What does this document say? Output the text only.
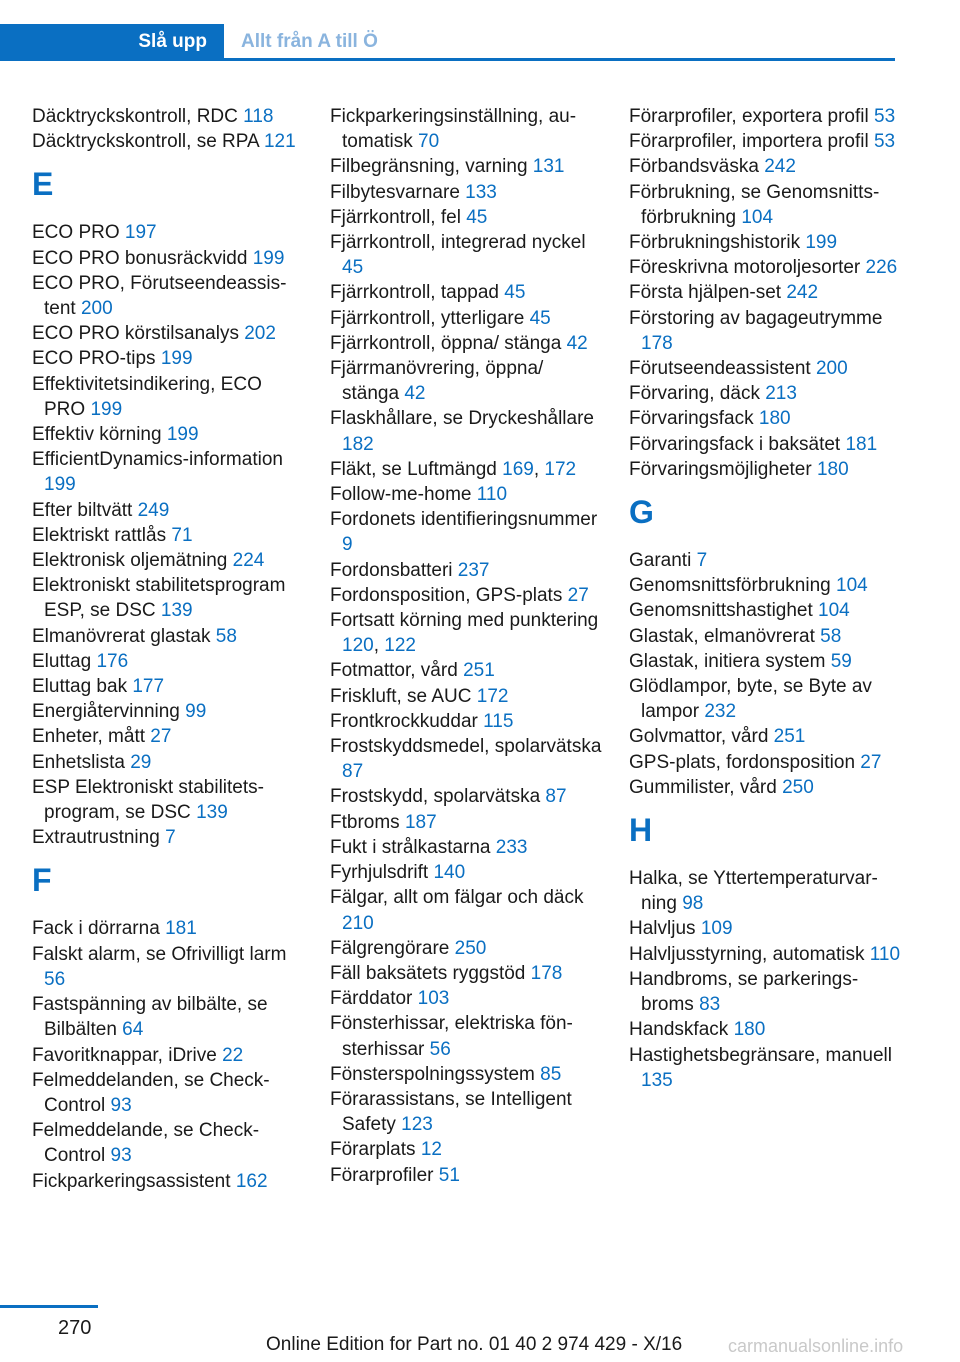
Slå upp	Allt från A till Ö
Däcktryckskontroll, RDC 118
Däcktryckskontroll, se RPA 121
E
ECO PRO 197
ECO PRO bonusräckvidd 199
ECO PRO, Förutseendeassistent 200
ECO PRO körstilsanalys 202
ECO PRO-tips 199
Effektivitetsindikering, ECO PRO 199
Effektiv körning 199
EfficientDynamics-information 199
Efter biltvätt 249
Elektriskt rattlås 71
Elektronisk oljemätning 224
Elektroniskt stabilitetsprogram ESP, se DSC 139
Elmanövrerat glastak 58
Eluttag 176
Eluttag bak 177
Energiåtervinning 99
Enheter, mått 27
Enhetslista 29
ESP Elektroniskt stabilitetsprogram, se DSC 139
Extrautrustning 7
F
Fack i dörrarna 181
Falskt alarm, se Ofrivilligt larm 56
Fastspänning av bilbälte, se Bilbälten 64
Favoritknappar, iDrive 22
Felmeddelanden, se Check-Control 93
Felmeddelande, se Check-Control 93
Fickparkeringsassistent 162
Fickparkeringsinställning, automatisk 70
Filbegränsning, varning 131
Filbytesvarnare 133
Fjärrkontroll, fel 45
Fjärrkontroll, integrerad nyckel 45
Fjärrkontroll, tappad 45
Fjärrkontroll, ytterligare 45
Fjärrkontroll, öppna/ stänga 42
Fjärrmanövrering, öppna/ stänga 42
Flaskhållare, se Dryckeshållare 182
Fläkt, se Luftmängd 169, 172
Follow-me-home 110
Fordonets identifieringsnummer 9
Fordonsbatteri 237
Fordonsposition, GPS-plats 27
Fortsatt körning med punktering 120, 122
Fotmattor, vård 251
Friskluft, se AUC 172
Frontkrockkuddar 115
Frostskyddsmedel, spolarvätska 87
Frostskydd, spolarvätska 87
Ftbroms 187
Fukt i strålkastarna 233
Fyrhjulsdrift 140
Fälgar, allt om fälgar och däck 210
Fälgrengörare 250
Fäll baksätets ryggstöd 178
Färddator 103
Fönsterhissar, elektriska fönsterhissar 56
Fönsterspolningssystem 85
Förarassistans, se Intelligent Safety 123
Förarplats 12
Förarprofiler 51
Förarprofiler, exportera profil 53
Förarprofiler, importera profil 53
Förbandsväska 242
Förbrukning, se Genomsnittsförbrukning 104
Förbrukningshistorik 199
Föreskrivna motoroljesorter 226
Första hjälpen-set 242
Förstoring av bagageutrymme 178
Förutseendeassistent 200
Förvaring, däck 213
Förvaringsfack 180
Förvaringsfack i baksätet 181
Förvaringsmöjligheter 180
G
Garanti 7
Genomsnittsförbrukning 104
Genomsnittshastighet 104
Glastak, elmanövrerat 58
Glastak, initiera system 59
Glödlampor, byte, se Byte av lampor 232
Golvmattor, vård 251
GPS-plats, fordonsposition 27
Gummilister, vård 250
H
Halka, se Yttertemperaturvarning 98
Halvljus 109
Halvljusstyrning, automatisk 110
Handbroms, se parkeringsbroms 83
Handskfack 180
Hastighetsbegränsare, manuell 135
270
Online Edition for Part no. 01 40 2 974 429 - X/16	carmanualsonline.info
